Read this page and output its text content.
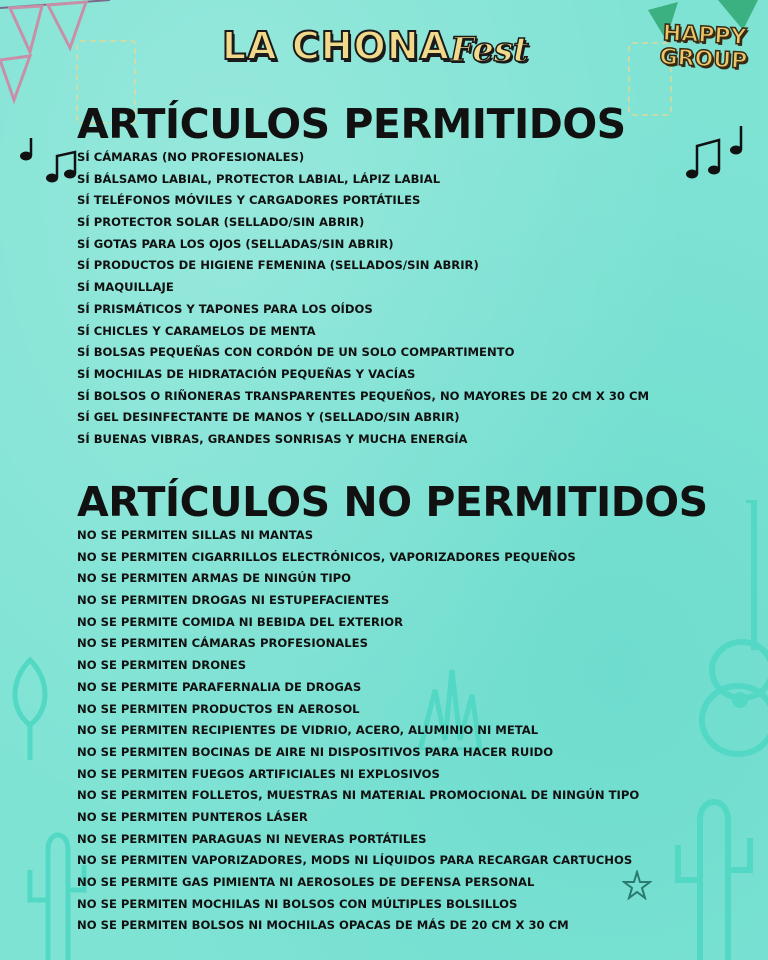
LA CHONA Fest	HAPPY
GROUP
ARTÍCULOS PERMITIDOS
SÍ CÁMARAS (NO PROFESIONALES)
SÍ BÁLSAMO LABIAL, PROTECTOR LABIAL, LÁPIZ LABIAL
SÍ TELÉFONOS MÓVILES Y CARGADORES PORTÁTILES
SÍ PROTECTOR SOLAR (SELLADO/SIN ABRIR)
SÍ GOTAS PARA LOS OJOS (SELLADAS/SIN ABRIR)
SÍ PRODUCTOS DE HIGIENE FEMENINA (SELLADOS/SIN ABRIR)
SÍ MAQUILLAJE
SÍ PRISMÁTICOS Y TAPONES PARA LOS OÍDOS
SÍ CHICLES Y CARAMELOS DE MENTA
SÍ BOLSAS PEQUEÑAS CON CORDÓN DE UN SOLO COMPARTIMENTO
SÍ MOCHILAS DE HIDRATACIÓN PEQUEÑAS Y VACÍAS
SÍ BOLSOS O RIÑONERAS TRANSPARENTES PEQUEÑOS, NO MAYORES DE 20 CM X 30 CM
SÍ GEL DESINFECTANTE DE MANOS Y (SELLADO/SIN ABRIR)
SÍ BUENAS VIBRAS, GRANDES SONRISAS Y MUCHA ENERGÍA
ARTÍCULOS NO PERMITIDOS
NO SE PERMITEN SILLAS NI MANTAS
NO SE PERMITEN CIGARRILLOS ELECTRÓNICOS, VAPORIZADORES PEQUEÑOS
NO SE PERMITEN ARMAS DE NINGÚN TIPO
NO SE PERMITEN DROGAS NI ESTUPEFACIENTES
NO SE PERMITE COMIDA NI BEBIDA DEL EXTERIOR
NO SE PERMITEN CÁMARAS PROFESIONALES
NO SE PERMITEN DRONES
NO SE PERMITE PARAFERNALIA DE DROGAS
NO SE PERMITEN PRODUCTOS EN AEROSOL
NO SE PERMITEN RECIPIENTES DE VIDRIO, ACERO, ALUMINIO NI METAL
NO SE PERMITEN BOCINAS DE AIRE NI DISPOSITIVOS PARA HACER RUIDO
NO SE PERMITEN FUEGOS ARTIFICIALES NI EXPLOSIVOS
NO SE PERMITEN FOLLETOS, MUESTRAS NI MATERIAL PROMOCIONAL DE NINGÚN TIPO
NO SE PERMITEN PUNTEROS LÁSER
NO SE PERMITEN PARAGUAS NI NEVERAS PORTÁTILES
NO SE PERMITEN VAPORIZADORES, MODS NI LÍQUIDOS PARA RECARGAR CARTUCHOS
NO SE PERMITE GAS PIMIENTA NI AEROSOLES DE DEFENSA PERSONAL
NO SE PERMITEN MOCHILAS NI BOLSOS CON MÚLTIPLES BOLSILLOS
NO SE PERMITEN BOLSOS NI MOCHILAS OPACAS DE MÁS DE 20 CM X 30 CM
